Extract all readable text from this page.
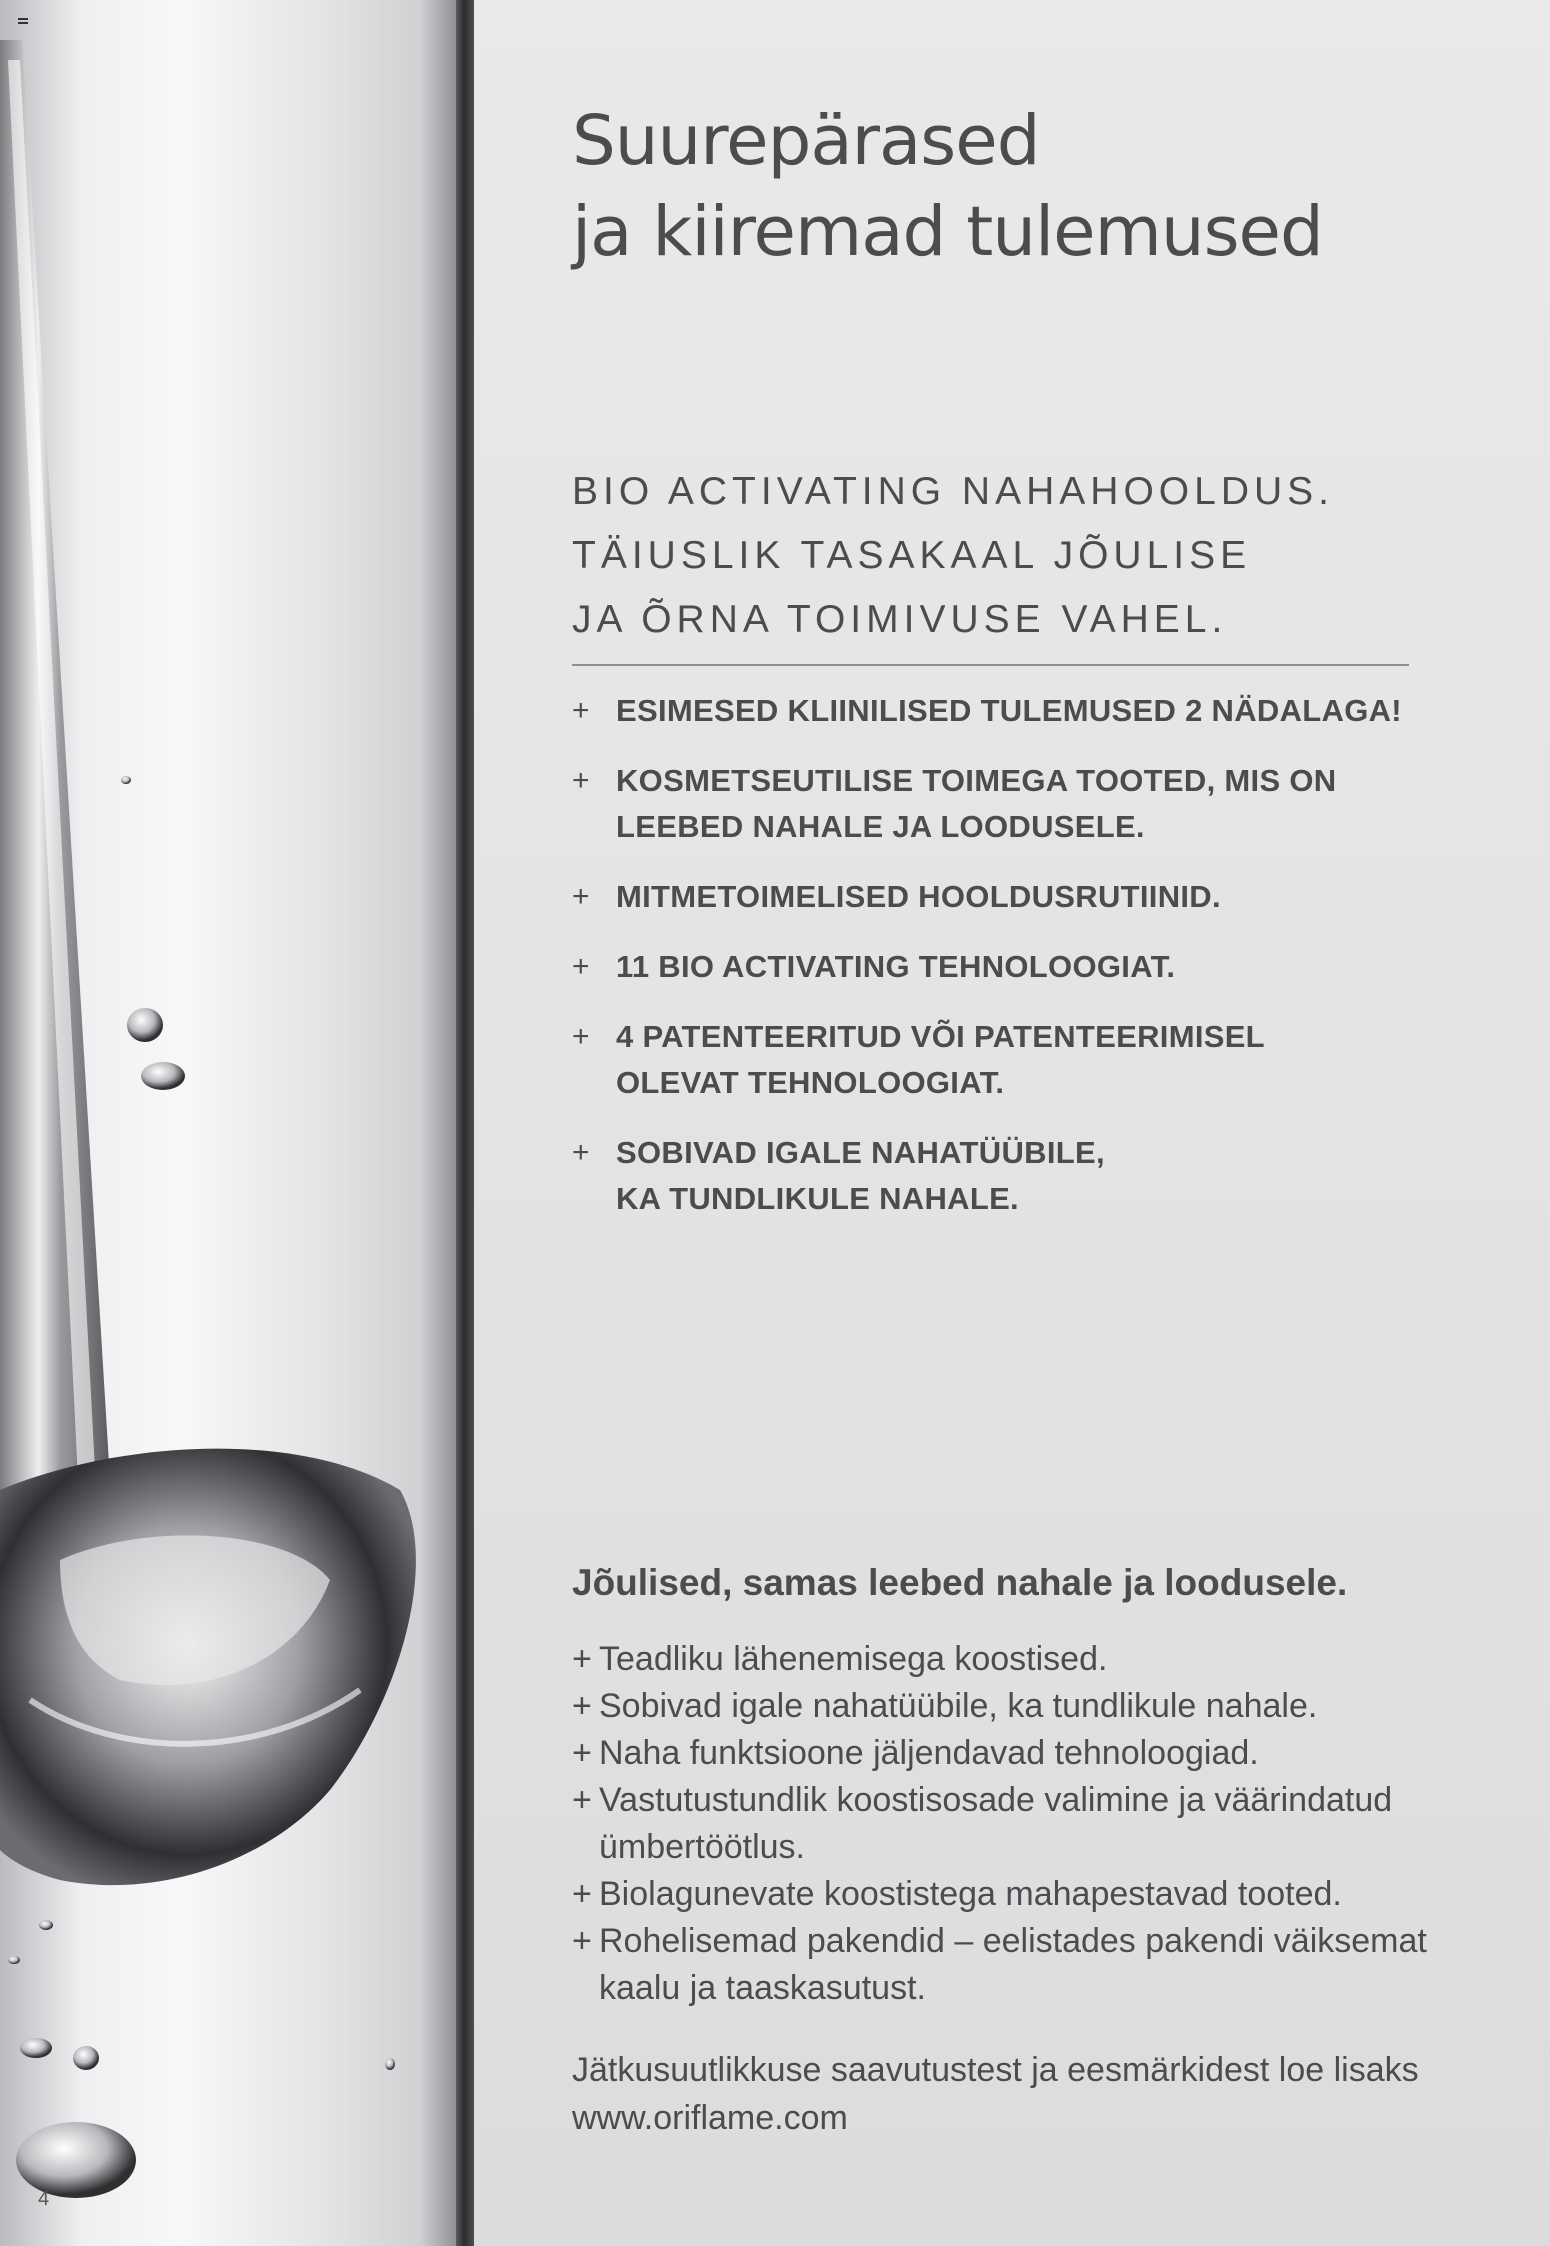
4
Suurepärased
ja kiiremad tulemused
BIO ACTIVATING NAHAHOOLDUS.
TÄIUSLIK TASAKAAL JÕULISE
JA ÕRNA TOIMIVUSE VAHEL.
+ ESIMESED KLIINILISED TULEMUSED 2 NÄDALAGA!
+ KOSMETSEUTILISE TOIMEGA TOOTED, MIS ON
LEEBED NAHALE JA LOODUSELE.
+ MITMETOIMELISED HOOLDUSRUTIINID.
+ 11 BIO ACTIVATING TEHNOLOOGIAT.
+ 4 PATENTEERITUD VÕI PATENTEERIMISEL
OLEVAT TEHNOLOOGIAT.
+ SOBIVAD IGALE NAHATÜÜBILE,
KA TUNDLIKULE NAHALE.
Jõulised, samas leebed nahale ja loodusele.
+ Teadliku lähenemisega koostised.
+ Sobivad igale nahatüübile, ka tundlikule nahale.
+ Naha funktsioone jäljendavad tehnoloogiad.
+ Vastutustundlik koostisosade valimine ja väärindatud
ümbertöötlus.
+ Biolagunevate koostistega mahapestavad tooted.
+ Rohelisemad pakendid – eelistades pakendi väiksemat
kaalu ja taaskasutust.
Jätkusuutlikkuse saavutustest ja eesmärkidest loe lisaks
www.oriflame.com
